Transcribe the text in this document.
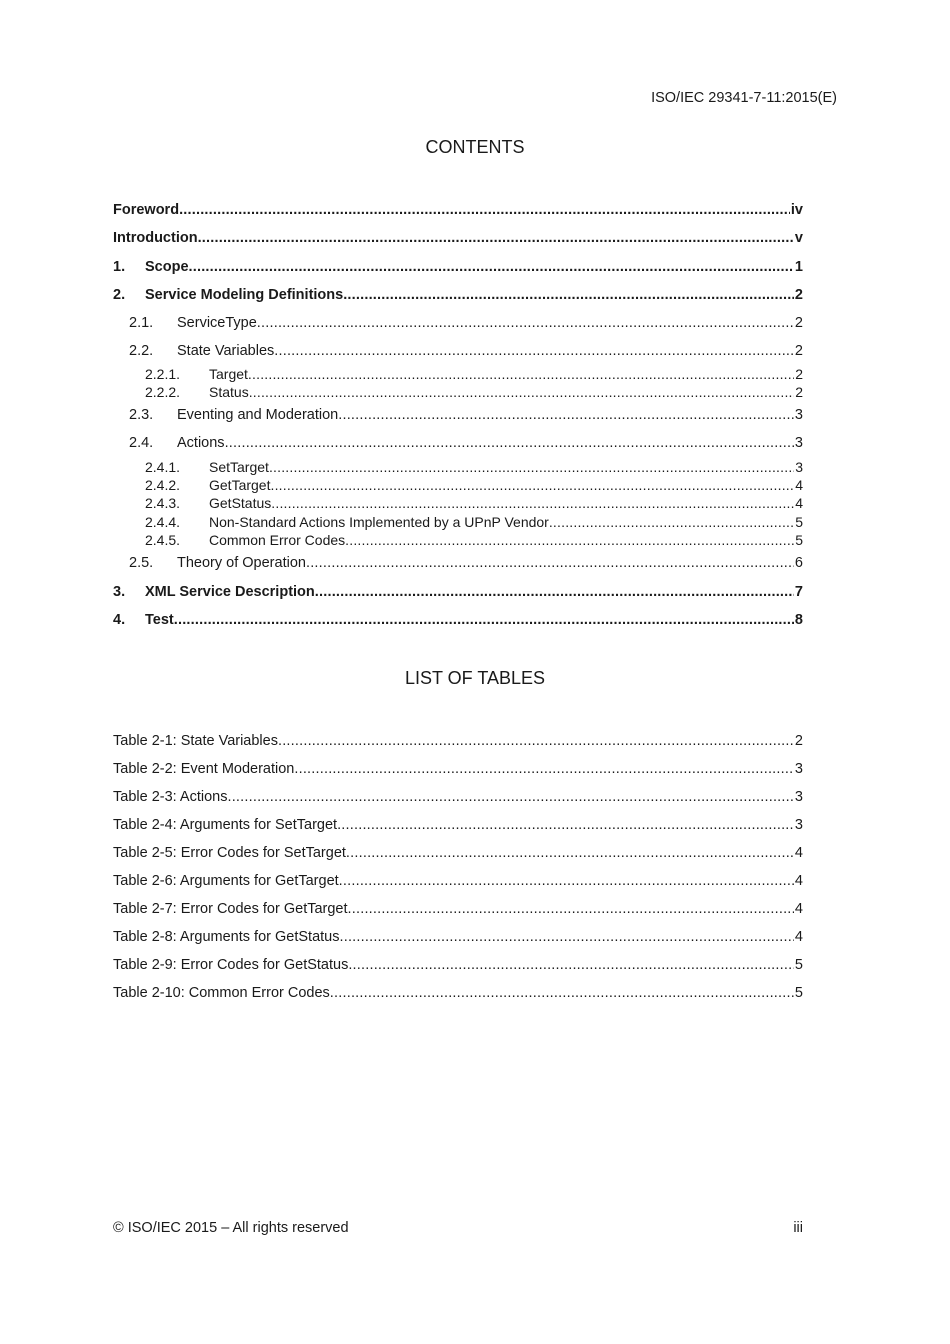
ISO/IEC 29341-7-11:2015(E)
CONTENTS
Foreword .....	iv
Introduction .....	v
1.	Scope .....	1
2.	Service Modeling Definitions .....	2
2.1.	ServiceType .....	2
2.2.	State Variables .....	2
2.2.1.	Target .....	2
2.2.2.	Status .....	2
2.3.	Eventing and Moderation .....	3
2.4.	Actions .....	3
2.4.1.	SetTarget .....	3
2.4.2.	GetTarget .....	4
2.4.3.	GetStatus .....	4
2.4.4.	Non-Standard Actions Implemented by a UPnP Vendor .....	5
2.4.5.	Common Error Codes .....	5
2.5.	Theory of Operation .....	6
3.	XML Service Description .....	7
4.	Test .....	8
LIST OF TABLES
Table 2-1: State Variables .....	2
Table 2-2: Event Moderation .....	3
Table 2-3: Actions .....	3
Table 2-4: Arguments for SetTarget .....	3
Table 2-5: Error Codes for SetTarget .....	4
Table 2-6: Arguments for GetTarget .....	4
Table 2-7: Error Codes for GetTarget .....	4
Table 2-8: Arguments for GetStatus .....	4
Table 2-9: Error Codes for GetStatus .....	5
Table 2-10: Common Error Codes .....	5
© ISO/IEC 2015 – All rights reserved	iii
